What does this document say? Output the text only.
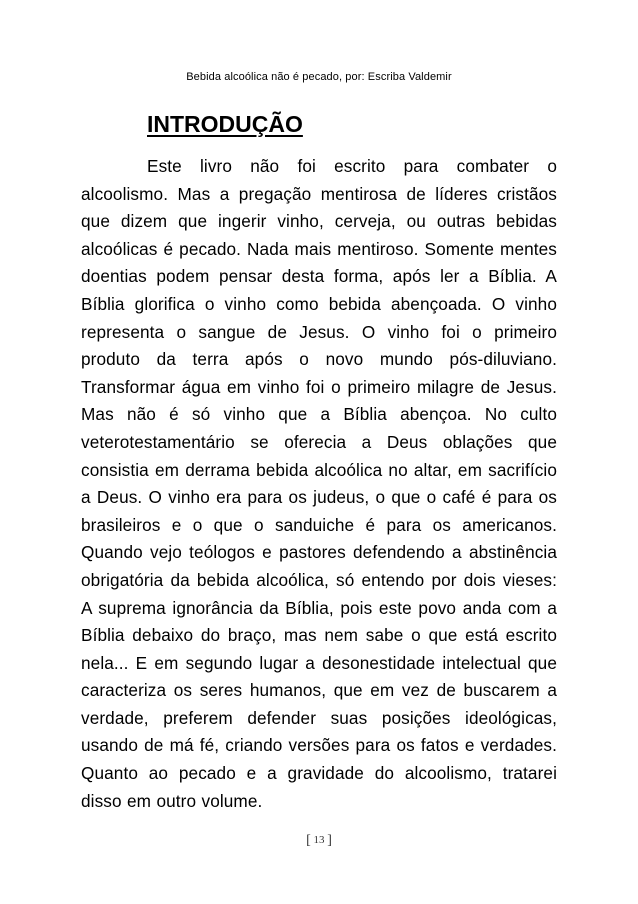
Bebida alcoólica não é pecado, por: Escriba Valdemir
INTRODUÇÃO

Este livro não foi escrito para combater o alcoolismo. Mas a pregação mentirosa de líderes cristãos que dizem que ingerir vinho, cerveja, ou outras bebidas alcoólicas é pecado. Nada mais mentiroso. Somente mentes doentias podem pensar desta forma, após ler a Bíblia. A Bíblia glorifica o vinho como bebida abençoada. O vinho representa o sangue de Jesus. O vinho foi o primeiro produto da terra após o novo mundo pós-diluviano. Transformar água em vinho foi o primeiro milagre de Jesus. Mas não é só vinho que a Bíblia abençoa. No culto veterotestamentário se oferecia a Deus oblações que consistia em derrama bebida alcoólica no altar, em sacrifício a Deus. O vinho era para os judeus, o que o café é para os brasileiros e o que o sanduiche é para os americanos. Quando vejo teólogos e pastores defendendo a abstinência obrigatória da bebida alcoólica, só entendo por dois vieses: A suprema ignorância da Bíblia, pois este povo anda com a Bíblia debaixo do braço, mas nem sabe o que está escrito nela... E em segundo lugar a desonestidade intelectual que caracteriza os seres humanos, que em vez de buscarem a verdade, preferem defender suas posições ideológicas, usando de má fé, criando versões para os fatos e verdades. Quanto ao pecado e a gravidade do alcoolismo, tratarei disso em outro volume.

[ 13 ]
